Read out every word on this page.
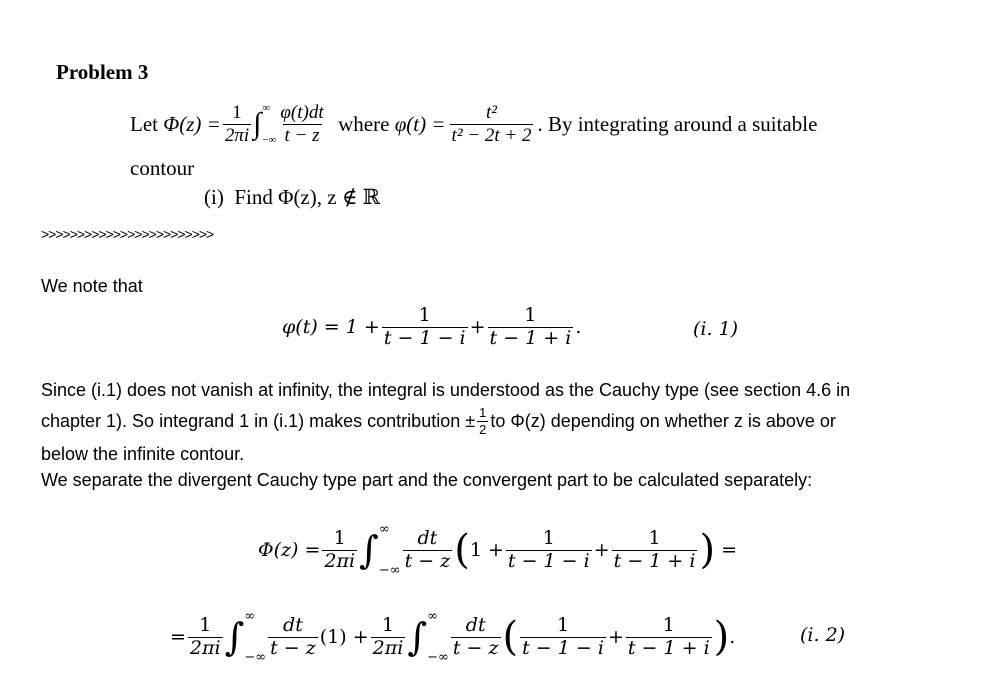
Problem 3
Let
$\Phi(z) = \frac{1}{2\pi i}$ ∫ ∞
−∞ $\frac{\varphi(t)dt}{t - z}$
where
$\varphi(t) = \frac{\text{t²}}{\text{t² − 2t + 2}}$ . By integrating around a suitable
contour
(i) Find Φ(z), z ∉ ℝ
>>>>>>>>>>>>>>>>>>>>>>>>
We note that
$\varphi(t) = 1 + \frac{1}{t - 1 - i} + \frac{1}{t - 1 + i}$ .	(i. 1)
Since (i.1) does not vanish at infinity, the integral is understood as the Cauchy type (see section 4.6 in
chapter 1). So integrand 1 in (i.1) makes contribution ± $\frac{1}{2}$ to Φ(z) depending on whether z is above or
below the infinite contour.
We separate the divergent Cauchy type part and the convergent part to be calculated separately:
$\Phi(z) = \frac{1}{2\pi i}$ ∫ ∞
−∞ $\frac{dt}{t - z}$ ( $1 + \frac{1}{t - 1 - i} + \frac{1}{t - 1 + i}$ )
=
= $\frac{1}{2\pi i}$ ∫ ∞
−∞ $\frac{dt}{t - z} (1) + \frac{1}{2\pi i}$ ∫ ∞
−∞ $\frac{dt}{t - z}$ ( $\frac{1}{t - 1 - i} + \frac{1}{t - 1 + i}$ ) .	(i. 2)
